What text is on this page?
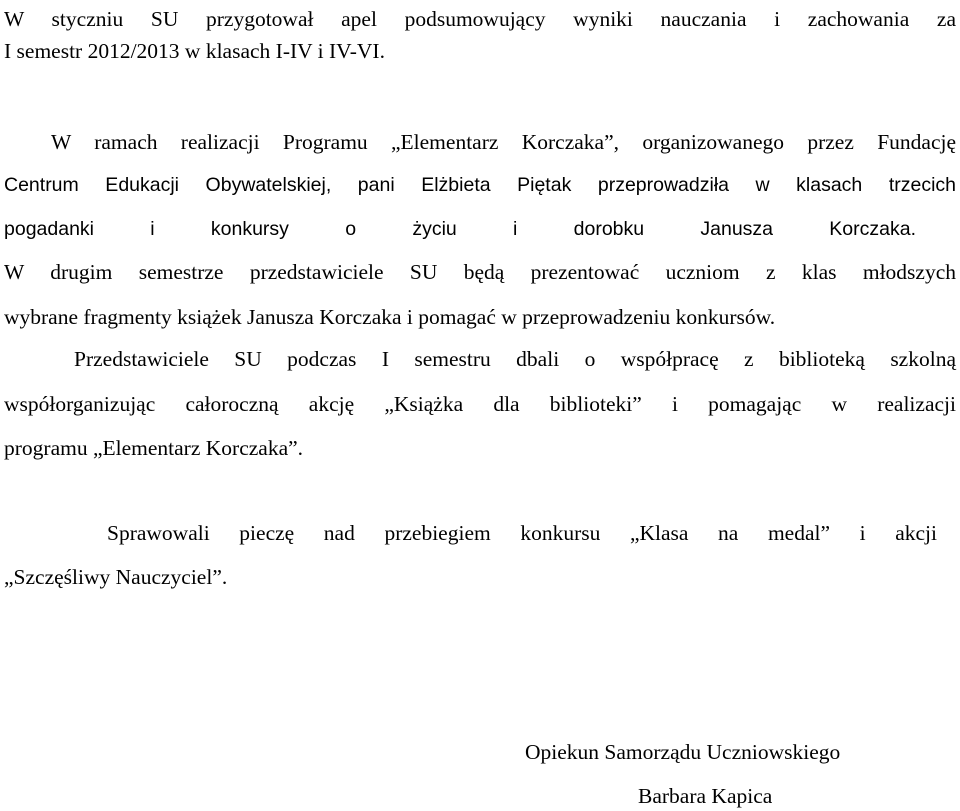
W styczniu SU przygotował apel podsumowujący wyniki nauczania i zachowania za
I semestr 2012/2013 w klasach I-IV i IV-VI.
W ramach realizacji Programu „Elementarz Korczaka”, organizowanego przez Fundację
Centrum Edukacji Obywatelskiej, pani Elżbieta Piętak przeprowadziła w klasach trzecich
pogadanki i konkursy o życiu i dorobku Janusza Korczaka.
W drugim semestrze przedstawiciele SU będą prezentować uczniom z klas młodszych
wybrane fragmenty książek Janusza Korczaka i pomagać w przeprowadzeniu konkursów.
Przedstawiciele SU podczas I semestru dbali o współpracę z biblioteką szkolną
współorganizując całoroczną akcję „Książka dla biblioteki” i pomagając w realizacji
programu „Elementarz Korczaka”.
Sprawowali pieczę nad przebiegiem konkursu „Klasa na medal” i akcji
„Szczęśliwy Nauczyciel”.
Opiekun Samorządu Uczniowskiego
Barbara Kapica
